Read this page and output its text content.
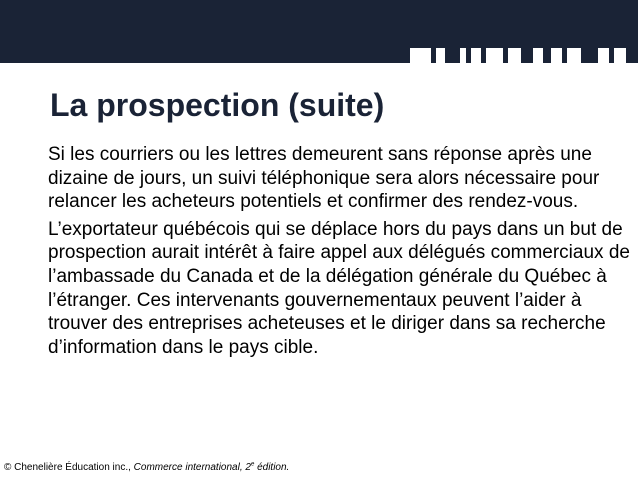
La prospection (suite)

Si les courriers ou les lettres demeurent sans réponse après une dizaine de jours, un suivi téléphonique sera alors nécessaire pour relancer les acheteurs potentiels et confirmer des rendez-vous.

L’exportateur québécois qui se déplace hors du pays dans un but de prospection aurait intérêt à faire appel aux délégués commerciaux de l’ambassade du Canada et de la délégation générale du Québec à l’étranger. Ces intervenants gouvernementaux peuvent l’aider à trouver des entreprises acheteuses et le diriger dans sa recherche d’information dans le pays cible.

© Chenelière Éducation inc., Commerce international, 2e édition.
